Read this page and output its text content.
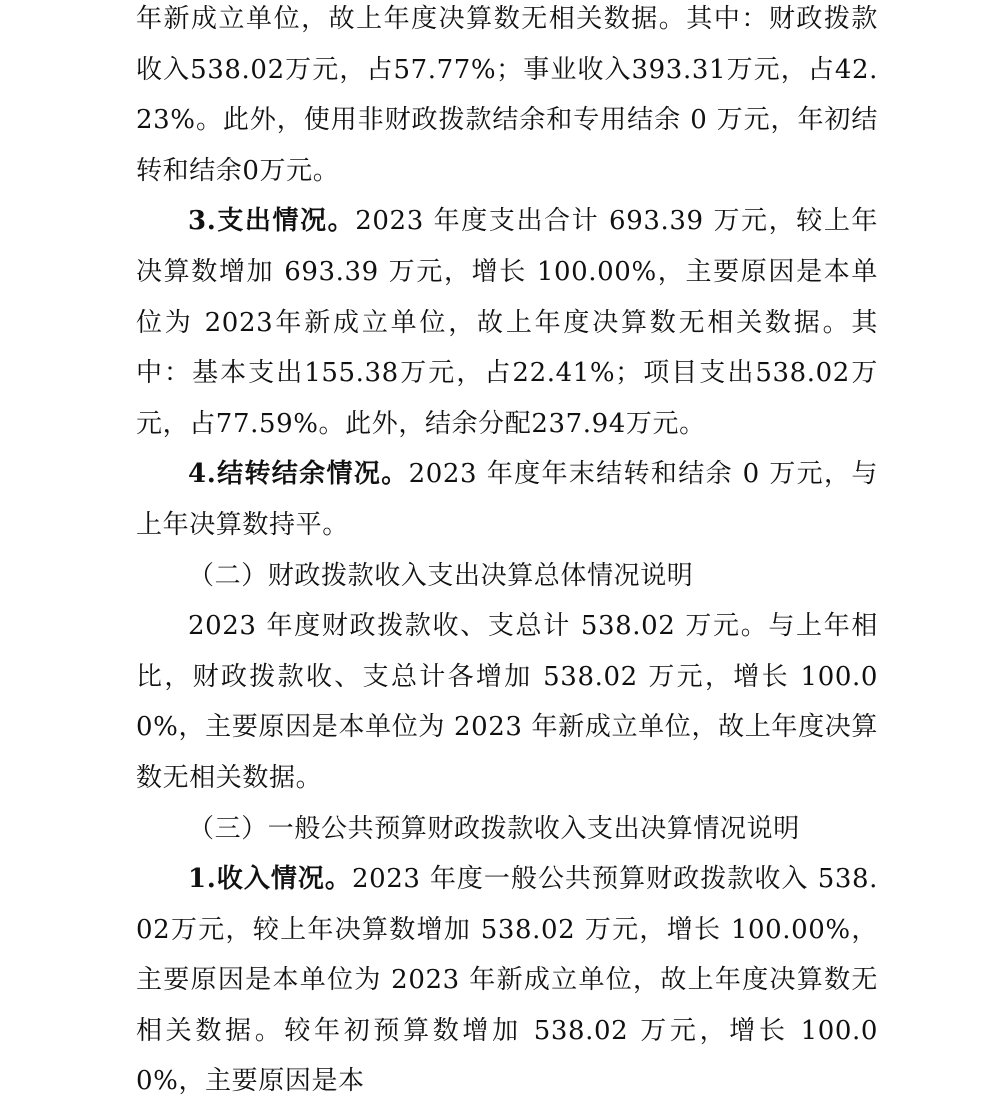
年新成立单位，故上年度决算数无相关数据。其中：财政拨款收入538.02万元，占57.77%；事业收入393.31万元，占42.23%。此外，使用非财政拨款结余和专用结余 0 万元，年初结转和结余0万元。

3.支出情况。2023 年度支出合计 693.39 万元，较上年决算数增加 693.39 万元，增长 100.00%，主要原因是本单位为 2023年新成立单位，故上年度决算数无相关数据。其中：基本支出155.38万元，占22.41%；项目支出538.02万元，占77.59%。此外，结余分配237.94万元。

4.结转结余情况。2023 年度年末结转和结余 0 万元，与上年决算数持平。

（二）财政拨款收入支出决算总体情况说明

2023 年度财政拨款收、支总计 538.02 万元。与上年相比，财政拨款收、支总计各增加 538.02 万元，增长 100.00%，主要原因是本单位为 2023 年新成立单位，故上年度决算数无相关数据。

（三）一般公共预算财政拨款收入支出决算情况说明

1.收入情况。2023 年度一般公共预算财政拨款收入 538.02万元，较上年决算数增加 538.02 万元，增长 100.00%，主要原因是本单位为 2023 年新成立单位，故上年度决算数无相关数据。较年初预算数增加 538.02 万元，增长 100.00%，主要原因是本
